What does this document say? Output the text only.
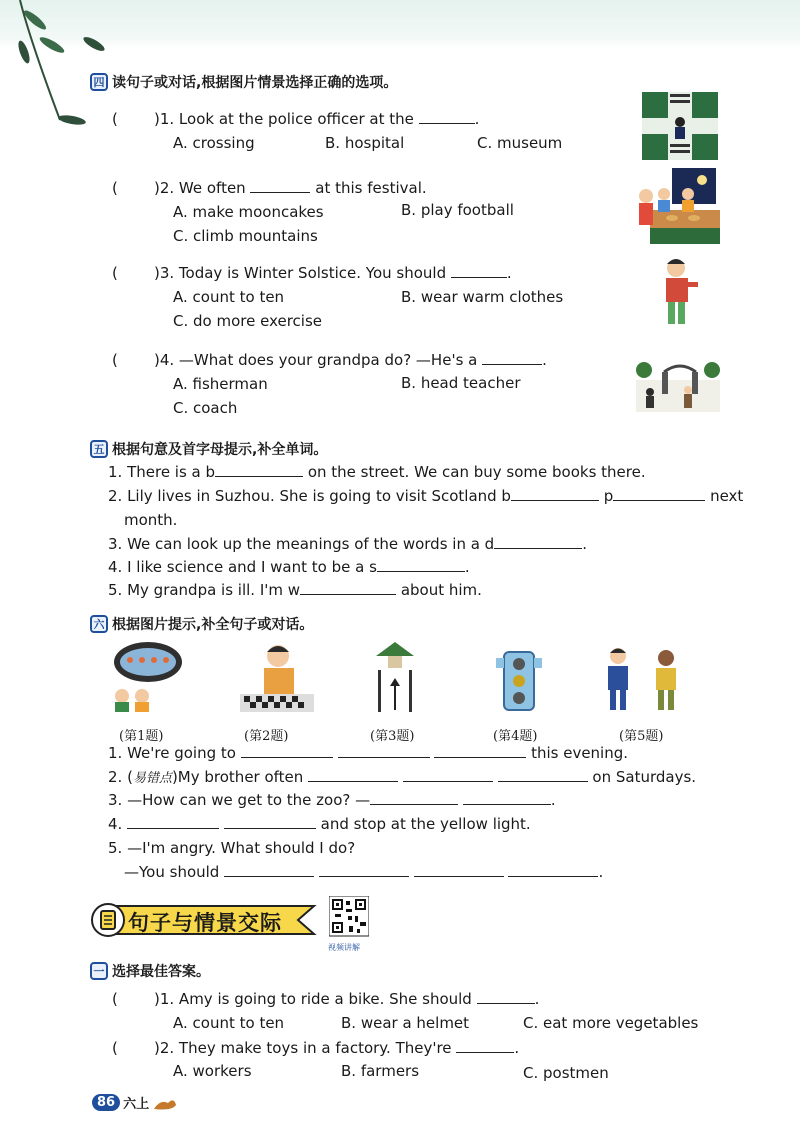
四 读句子或对话,根据图片情景选择正确的选项。
( )1. Look at the police officer at the	.
A. crossing	B. hospital	C. museum
( )2. We often	at this festival.
A. make mooncakes	B. play football
C. climb mountains
( )3. Today is Winter Solstice. You should	.
A. count to ten	B. wear warm clothes
C. do more exercise
( )4. —What does your grandpa do? —He's a	.
A. fisherman	B. head teacher
C. coach
五 根据句意及首字母提示,补全单词。
1. There is a b	on the street. We can buy some books there.
2. Lily lives in Suzhou. She is going to visit Scotland b	p	next
month.
3. We can look up the meanings of the words in a d	.
4. I like science and I want to be a s	.
5. My grandpa is ill. I'm w	about him.
六 根据图片提示,补全句子或对话。
(第1题)	(第2题)	(第3题)	(第4题)	(第5题)
1. We're going to	this evening.
2. (易错点)My brother often	on Saturdays.
3. —How can we get to the zoo? —	.
4.	and stop at the yellow light.
5. —I'm angry. What should I do?
—You should	.
句子与情景交际
视频讲解
一 选择最佳答案。
( )1. Amy is going to ride a bike. She should	.
A. count to ten	B. wear a helmet	C. eat more vegetables
( )2. They make toys in a factory. They're	.
A. workers	B. farmers	C. postmen
86 六上
